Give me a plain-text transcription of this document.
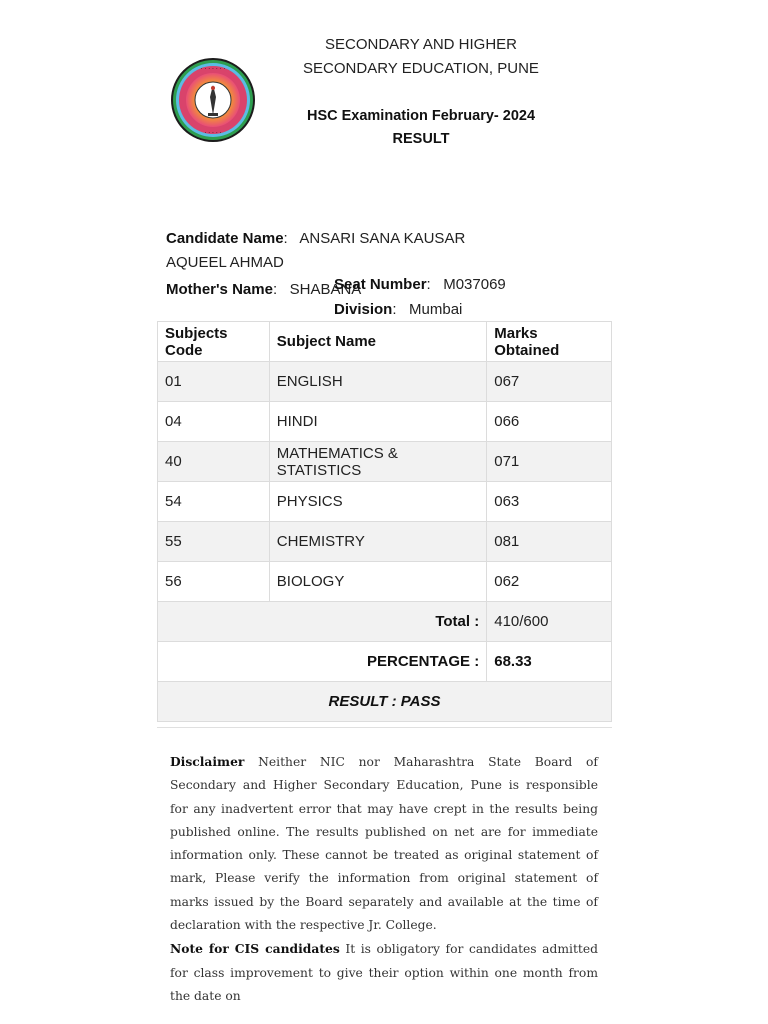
· · · · · · ·
· · · · ·
SECONDARY AND HIGHER
SECONDARY EDUCATION, PUNE
HSC Examination February- 2024
RESULT
Candidate Name:   ANSARI SANA KAUSAR AQUEEL AHMAD
Mother's Name:   SHABANA
Seat Number:   M037069
Division:   Mumbai
Subjects Code	Subject Name	Marks Obtained
01	ENGLISH	067
04	HINDI	066
40	MATHEMATICS & STATISTICS	071
54	PHYSICS	063
55	CHEMISTRY	081
56	BIOLOGY	062
Total :		410/600
PERCENTAGE :		68.33
RESULT : PASS		

Disclaimer Neither NIC nor Maharashtra State Board of Secondary and Higher Secondary Education, Pune is responsible for any inadvertent error that may have crept in the results being published online. The results published on net are for immediate information only. These cannot be treated as original statement of mark, Please verify the information from original statement of marks issued by the Board separately and available at the time of declaration with the respective Jr. College.

Note for CIS candidates It is obligatory for candidates admitted for class improvement to give their option within one month from the date on
